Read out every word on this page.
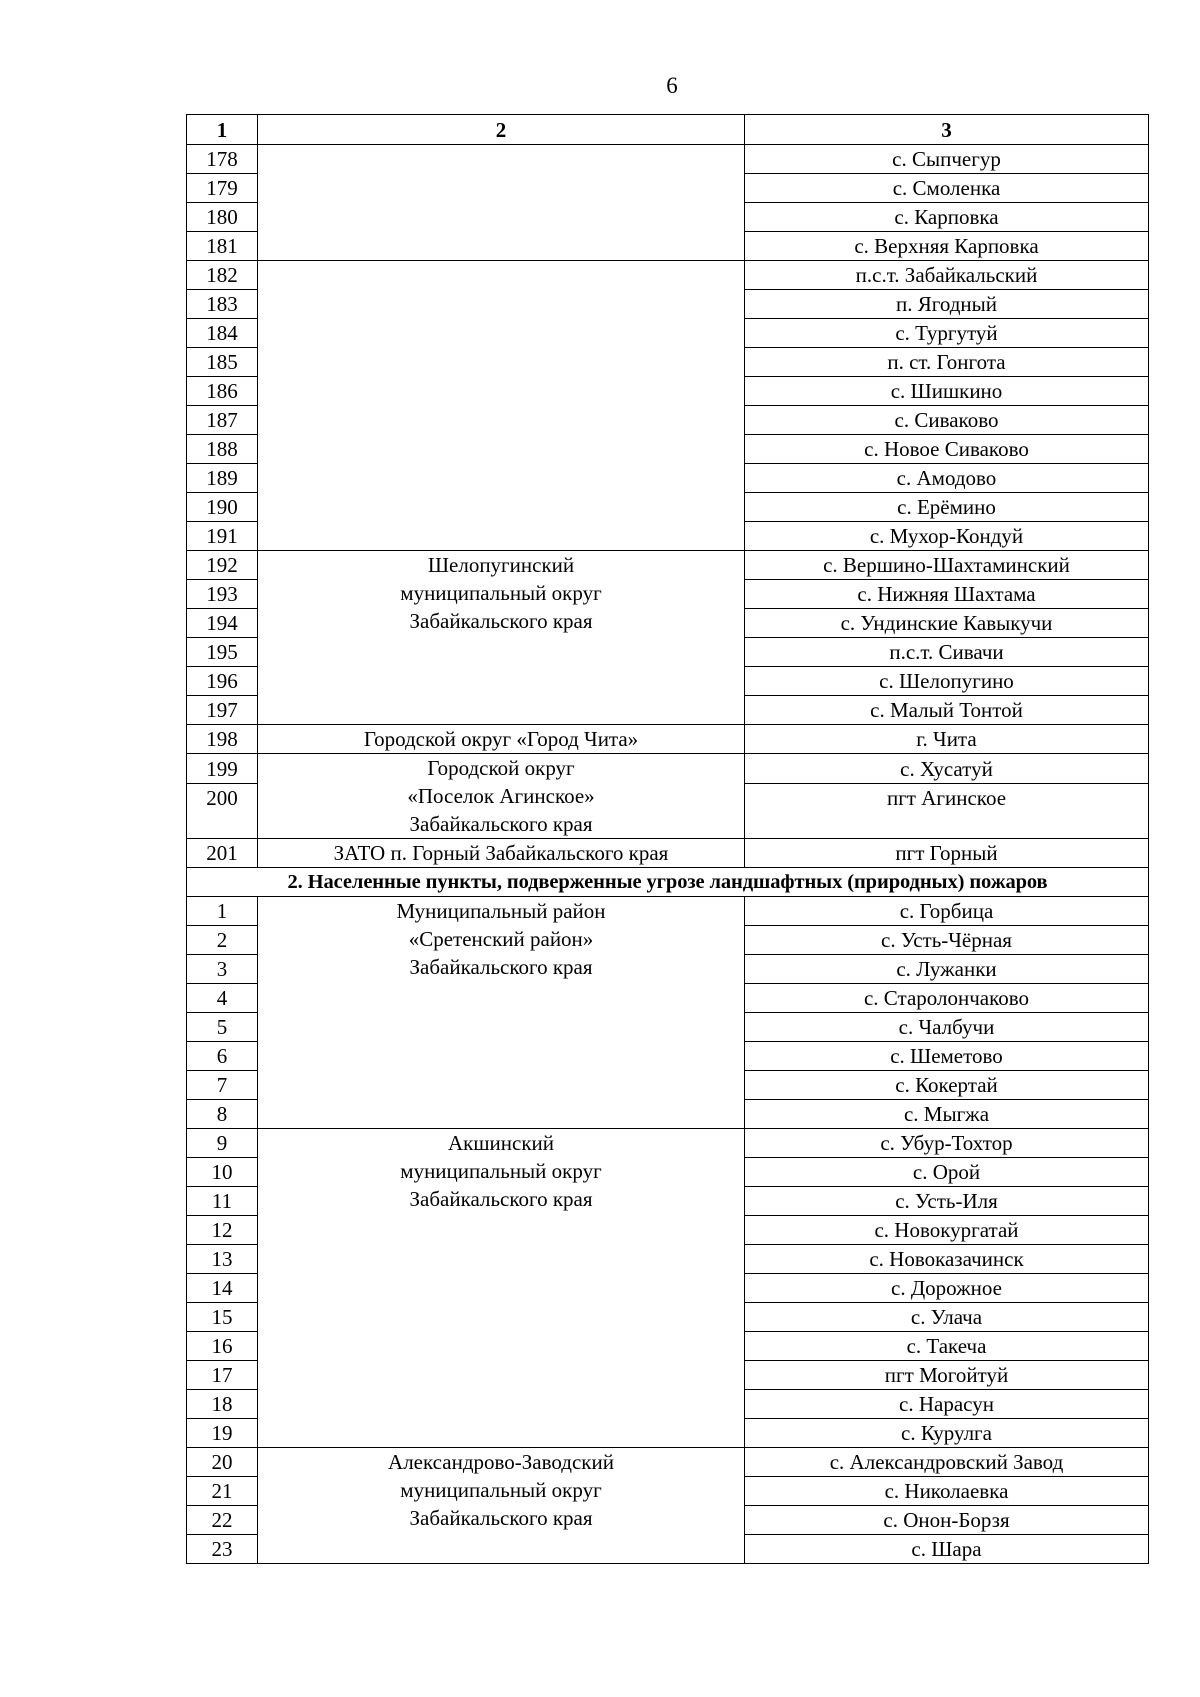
6
1	2	3
178		с. Сыпчегур
179		с. Смоленка
180		с. Карповка
181		с. Верхняя Карповка
182		п.с.т. Забайкальский
183		п. Ягодный
184		с. Тургутуй
185		п. ст. Гонгота
186		с. Шишкино
187		с. Сиваково
188		с. Новое Сиваково
189		с. Амодово
190		с. Ерёмино
191		с. Мухор-Кондуй
192	Шелопугинский
муниципальный округ
Забайкальского края	с. Вершино-Шахтаминский
193		с. Нижняя Шахтама
194		с. Ундинские Кавыкучи
195		п.с.т. Сивачи
196		с. Шелопугино
197		с. Малый Тонтой
198	Городской округ «Город Чита»	г. Чита
199	Городской округ
«Поселок Агинское»
Забайкальского края	с. Хусатуй
200		пгт Агинское
201	ЗАТО п. Горный Забайкальского края	пгт Горный
2. Населенные пункты, подверженные угрозе ландшафтных (природных) пожаров		
1	Муниципальный район
«Сретенский район»
Забайкальского края	с. Горбица
2		с. Усть-Чёрная
3		с. Лужанки
4		с. Старолончаково
5		с. Чалбучи
6		с. Шеметово
7		с. Кокертай
8		с. Мыгжа
9	Акшинский
муниципальный округ
Забайкальского края	с. Убур-Тохтор
10		с. Орой
11		с. Усть-Иля
12		с. Новокургатай
13		с. Новоказачинск
14		с. Дорожное
15		с. Улача
16		с. Такеча
17		пгт Могойтуй
18		с. Нарасун
19		с. Курулга
20	Александрово-Заводский
муниципальный округ
Забайкальского края	с. Александровский Завод
21		с. Николаевка
22		с. Онон-Борзя
23		с. Шара
